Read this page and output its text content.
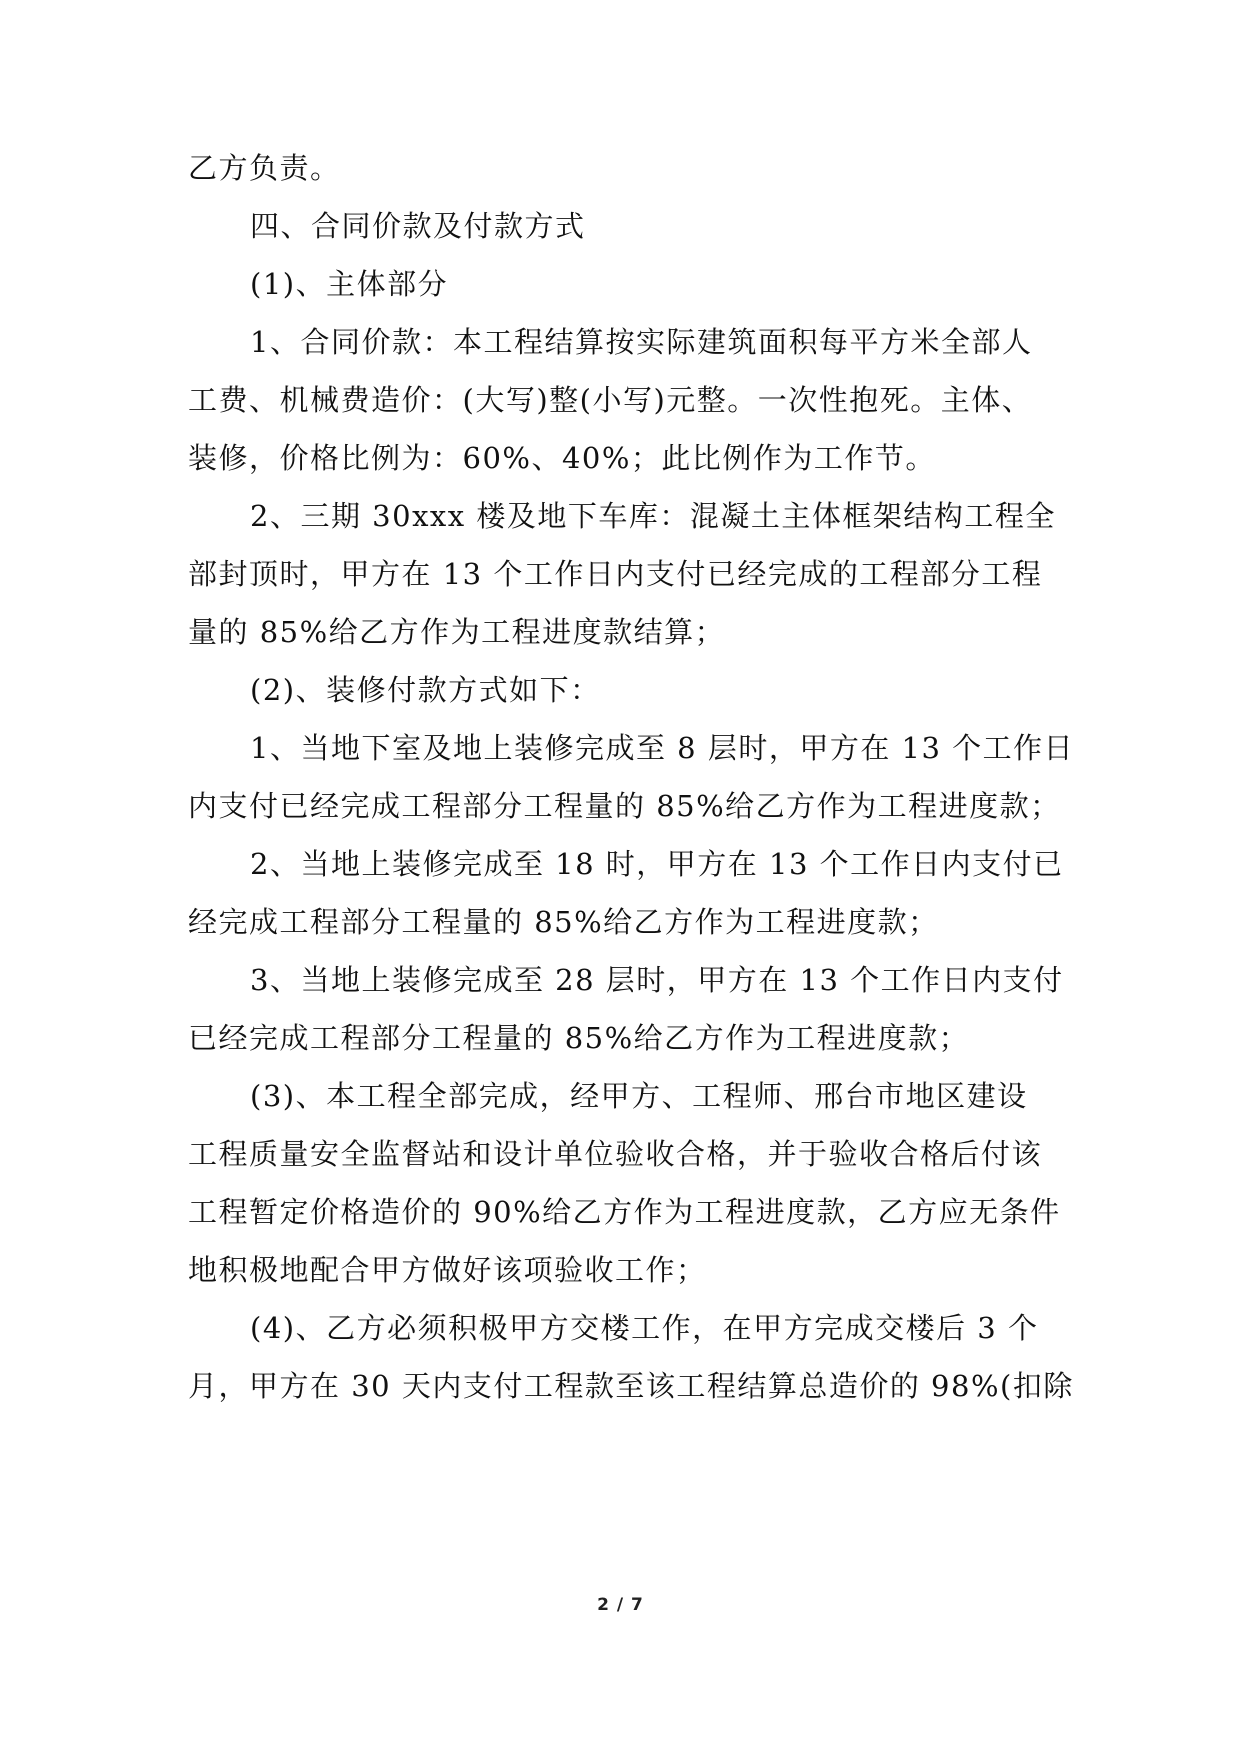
乙方负责。
四、合同价款及付款方式
(1)、主体部分
1、合同价款：本工程结算按实际建筑面积每平方米全部人
工费、机械费造价：(大写)整(小写)元整。一次性抱死。主体、
装修，价格比例为：60%、40%；此比例作为工作节。
2、三期 30xxx 楼及地下车库：混凝土主体框架结构工程全
部封顶时，甲方在 13 个工作日内支付已经完成的工程部分工程
量的 85%给乙方作为工程进度款结算；
(2)、装修付款方式如下：
1、当地下室及地上装修完成至 8 层时，甲方在 13 个工作日
内支付已经完成工程部分工程量的 85%给乙方作为工程进度款；
2、当地上装修完成至 18 时，甲方在 13 个工作日内支付已
经完成工程部分工程量的 85%给乙方作为工程进度款；
3、当地上装修完成至 28 层时，甲方在 13 个工作日内支付
已经完成工程部分工程量的 85%给乙方作为工程进度款；
(3)、本工程全部完成，经甲方、工程师、邢台市地区建设
工程质量安全监督站和设计单位验收合格，并于验收合格后付该
工程暂定价格造价的 90%给乙方作为工程进度款，乙方应无条件
地积极地配合甲方做好该项验收工作；
(4)、乙方必须积极甲方交楼工作，在甲方完成交楼后 3 个
月，甲方在 30 天内支付工程款至该工程结算总造价的 98%(扣除
2 / 7
